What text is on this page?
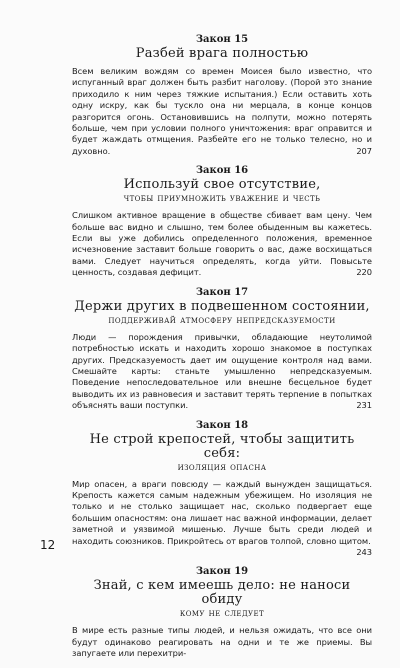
Закон 15

Разбей врага полностью

Всем великим вождям со времен Моисея было известно, что испуганный враг должен быть разбит наголову. (Порой это знание приходило к ним через тяжкие испытания.) Если оставить хоть одну искру, как бы тускло она ни мерцала, в конце концов разгорится огонь. Остановившись на полпути, можно потерять больше, чем при условии полного уничтожения: враг оправится и будет жаждать отмщения. Разбейте его не только телесно, но и духовно.	207

Закон 16

Используй свое отсутствие,
чтобы приумножить уважение и честь

Слишком активное вращение в обществе сбивает вам цену. Чем больше вас видно и слышно, тем более обыденным вы кажетесь. Если вы уже добились определенного положения, временное исчезновение заставит больше говорить о вас, даже восхищаться вами. Следует научиться определять, когда уйти. Повысьте ценность, создавая дефицит.	220

Закон 17

Держи других в подвешенном состоянии,
поддерживай атмосферу непредсказуемости

Люди — порождения привычки, обладающие неутолимой потребностью искать и находить хорошо знакомое в поступках других. Предсказуемость дает им ощущение контроля над вами. Смешайте карты: станьте умышленно непредсказуемым. Поведение непоследовательное или внешне бесцельное будет выводить их из равновесия и заставит терять терпение в попытках объяснять ваши поступки.	231

Закон 18

Не строй крепостей, чтобы защитить себя:
изоляция опасна

Мир опасен, а враги повсюду — каждый вынужден защищаться. Крепость кажется самым надежным убежищем. Но изоляция не только и не столько защищает нас, сколько подвергает еще большим опасностям: она лишает нас важной информации, делает заметной и уязвимой мишенью. Лучше быть среди людей и находить союзников. Прикройтесь от врагов толпой, словно щитом.
243

Закон 19

Знай, с кем имеешь дело: не наноси обиду
кому не следует

В мире есть разные типы людей, и нельзя ожидать, что все они будут одинаково реагировать на одни и те же приемы. Вы запугаете или перехитри-

12
